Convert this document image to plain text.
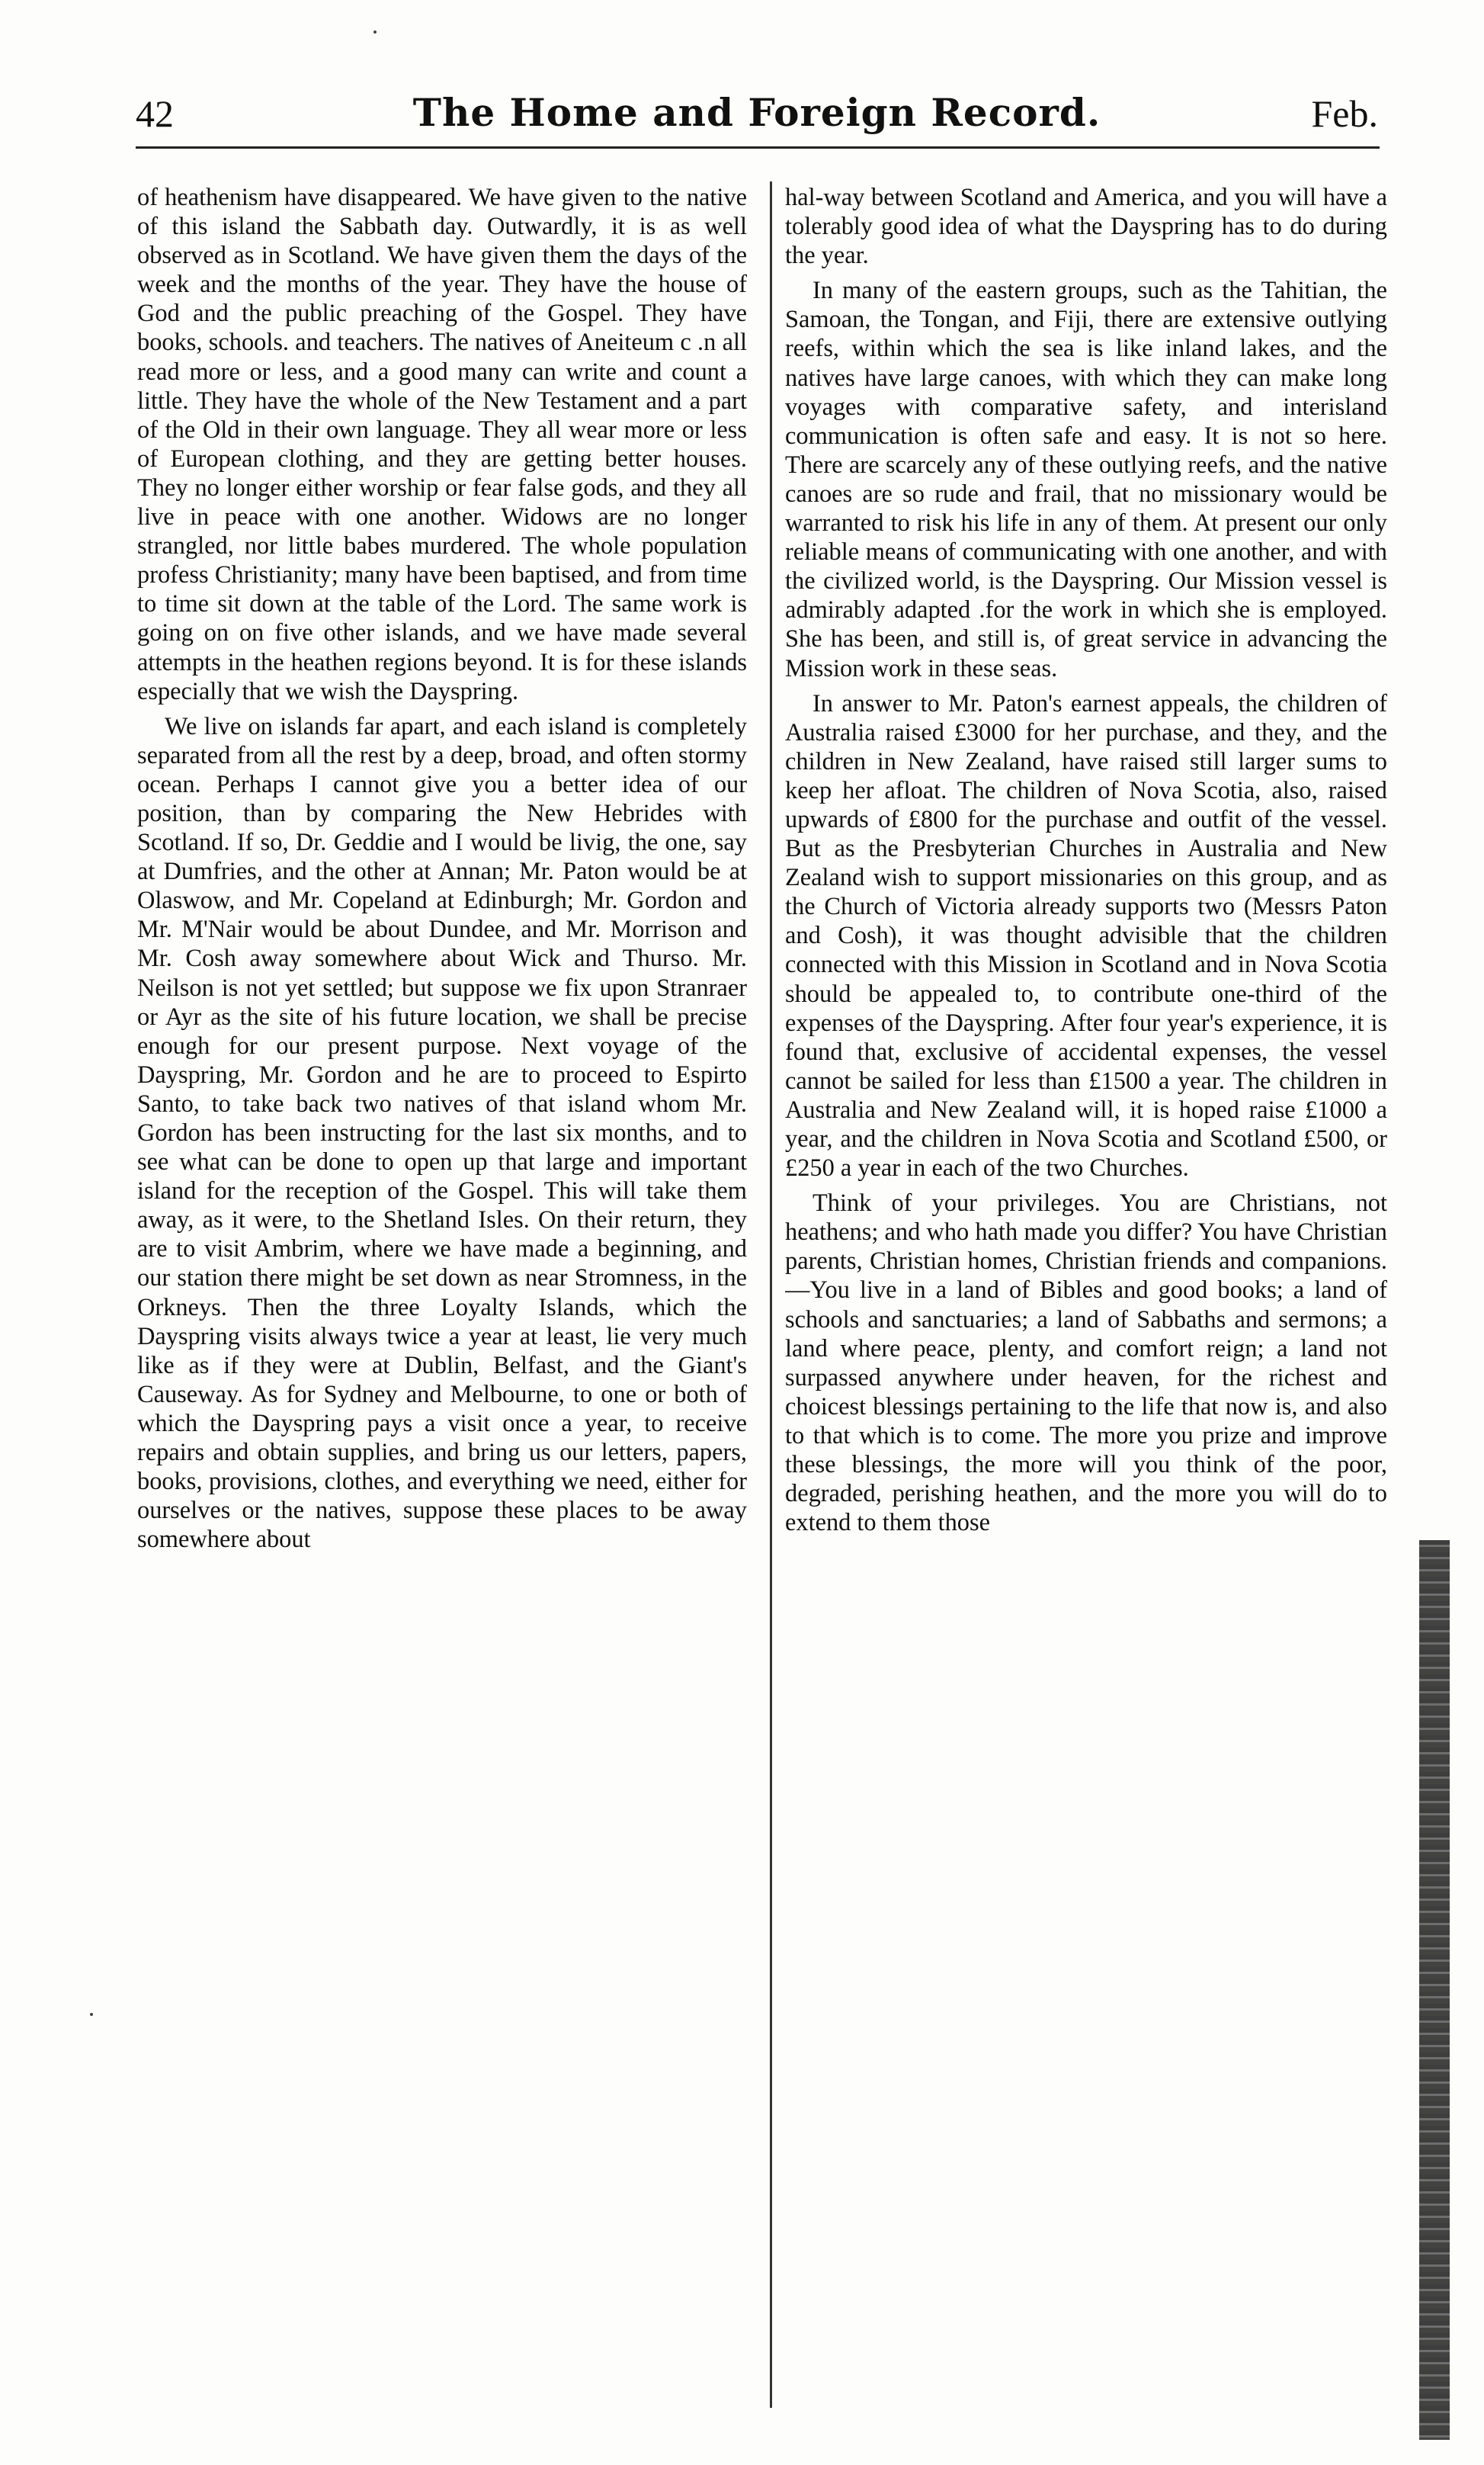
42	The Home and Foreign Record.	Feb.

of heathenism have disappeared. We have given to the native of this island the Sabbath day. Outwardly, it is as well observed as in Scotland. We have given them the days of the week and the months of the year. They have the house of God and the public preaching of the Gospel. They have books, schools. and teachers. The natives of Aneiteum c .n all read more or less, and a good many can write and count a little. They have the whole of the New Testament and a part of the Old in their own language. They all wear more or less of European clothing, and they are getting better houses. They no longer either worship or fear false gods, and they all live in peace with one another. Widows are no longer strangled, nor little babes murdered. The whole population profess Christianity; many have been baptised, and from time to time sit down at the table of the Lord. The same work is going on on five other islands, and we have made several attempts in the heathen regions beyond. It is for these islands especially that we wish the Dayspring.

We live on islands far apart, and each island is completely separated from all the rest by a deep, broad, and often stormy ocean. Perhaps I cannot give you a better idea of our position, than by comparing the New Hebrides with Scotland. If so, Dr. Geddie and I would be livig, the one, say at Dumfries, and the other at Annan; Mr. Paton would be at Olaswow, and Mr. Copeland at Edinburgh; Mr. Gordon and Mr. M'Nair would be about Dundee, and Mr. Morrison and Mr. Cosh away somewhere about Wick and Thurso. Mr. Neilson is not yet settled; but suppose we fix upon Stranraer or Ayr as the site of his future location, we shall be precise enough for our present purpose. Next voyage of the Dayspring, Mr. Gordon and he are to proceed to Espirto Santo, to take back two natives of that island whom Mr. Gordon has been instructing for the last six months, and to see what can be done to open up that large and important island for the reception of the Gospel. This will take them away, as it were, to the Shetland Isles. On their return, they are to visit Ambrim, where we have made a beginning, and our station there might be set down as near Stromness, in the Orkneys. Then the three Loyalty Islands, which the Dayspring visits always twice a year at least, lie very much like as if they were at Dublin, Belfast, and the Giant's Causeway. As for Sydney and Melbourne, to one or both of which the Dayspring pays a visit once a year, to receive repairs and obtain supplies, and bring us our letters, papers, books, provisions, clothes, and everything we need, either for ourselves or the natives, suppose these places to be away somewhere about

hal-way between Scotland and America, and you will have a tolerably good idea of what the Dayspring has to do during the year.

In many of the eastern groups, such as the Tahitian, the Samoan, the Tongan, and Fiji, there are extensive outlying reefs, within which the sea is like inland lakes, and the natives have large canoes, with which they can make long voyages with comparative safety, and interisland communication is often safe and easy. It is not so here. There are scarcely any of these outlying reefs, and the native canoes are so rude and frail, that no missionary would be warranted to risk his life in any of them. At present our only reliable means of communicating with one another, and with the civilized world, is the Dayspring. Our Mission vessel is admirably adapted .for the work in which she is employed. She has been, and still is, of great service in advancing the Mission work in these seas.

In answer to Mr. Paton's earnest appeals, the children of Australia raised £3000 for her purchase, and they, and the children in New Zealand, have raised still larger sums to keep her afloat. The children of Nova Scotia, also, raised upwards of £800 for the purchase and outfit of the vessel. But as the Presbyterian Churches in Australia and New Zealand wish to support missionaries on this group, and as the Church of Victoria already supports two (Messrs Paton and Cosh), it was thought advisible that the children connected with this Mission in Scotland and in Nova Scotia should be appealed to, to contribute one-third of the expenses of the Dayspring. After four year's experience, it is found that, exclusive of accidental expenses, the vessel cannot be sailed for less than £1500 a year. The children in Australia and New Zealand will, it is hoped raise £1000 a year, and the children in Nova Scotia and Scotland £500, or £250 a year in each of the two Churches.

Think of your privileges. You are Christians, not heathens; and who hath made you differ? You have Christian parents, Christian homes, Christian friends and companions.—You live in a land of Bibles and good books; a land of schools and sanctuaries; a land of Sabbaths and sermons; a land where peace, plenty, and comfort reign; a land not surpassed anywhere under heaven, for the richest and choicest blessings pertaining to the life that now is, and also to that which is to come. The more you prize and improve these blessings, the more will you think of the poor, degraded, perishing heathen, and the more you will do to extend to them those
